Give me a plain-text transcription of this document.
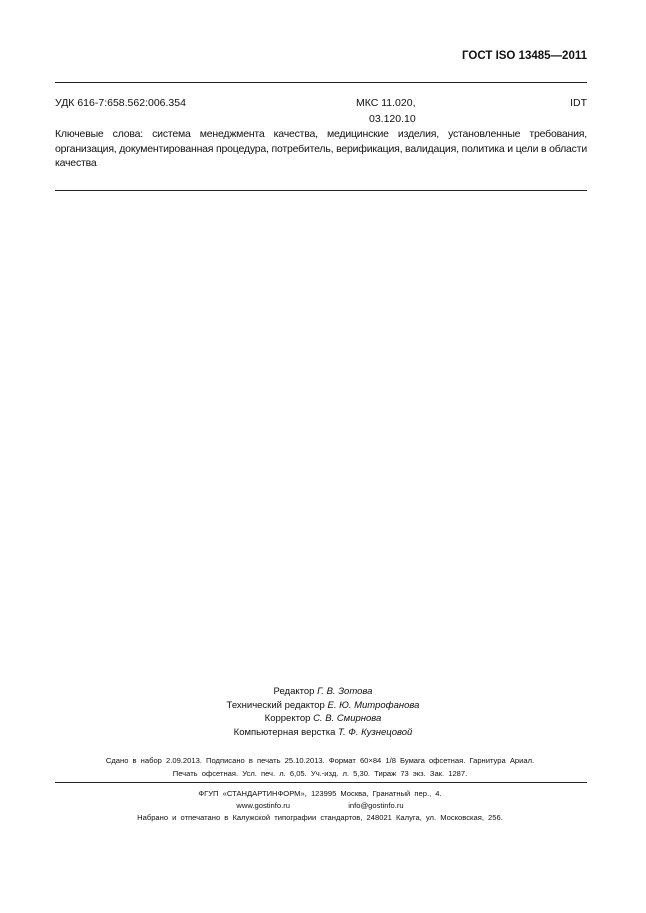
ГОСТ ISO 13485—2011
УДК 616-7:658.562:006.354	МКС 11.020,
03.120.10
IDT
Ключевые слова: система менеджмента качества, медицинские изделия, установленные требования, организация, документированная процедура, потребитель, верификация, валидация, политика и цели в области качества
Редактор Г. В. Зотова
Технический редактор Е. Ю. Митрофанова
Корректор С. В. Смирнова
Компьютерная верстка Т. Ф. Кузнецовой
Сдано в набор 2.09.2013. Подписано в печать 25.10.2013. Формат 60×84 1/8 Бумага офсетная. Гарнитура Ариал.
Печать офсетная. Усл. печ. л. 6,05. Уч.-изд. л. 5,30. Тираж 73 экз. Зак. 1287.
ФГУП «СТАНДАРТИНФОРМ», 123995 Москва, Гранатный пер., 4.
www.gostinfo.ru	info@gostinfo.ru
Набрано и отпечатано в Калужской типографии стандартов, 248021 Калуга, ул. Московская, 256.
